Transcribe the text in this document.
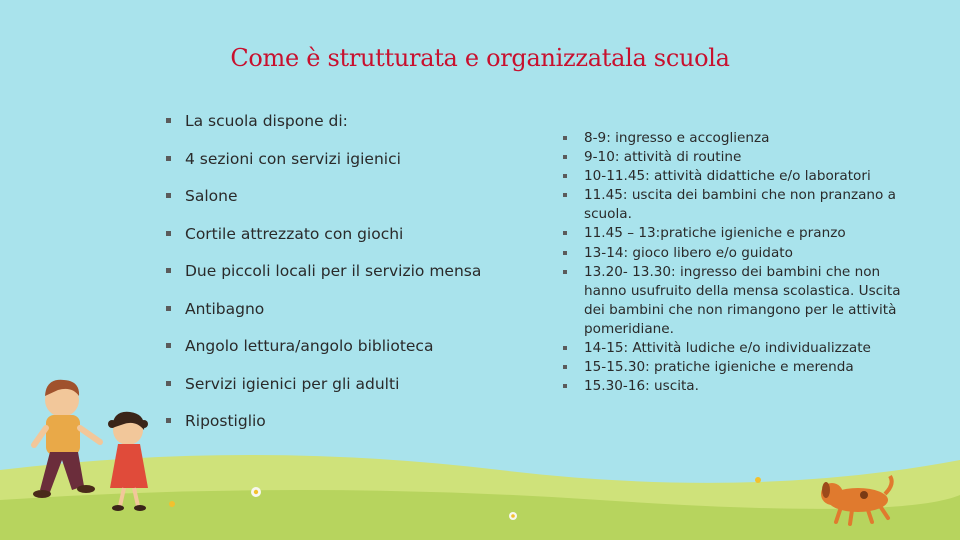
Come è strutturata e organizzatala scuola
La scuola dispone di:
4 sezioni con servizi igienici
Salone
Cortile attrezzato con giochi
Due piccoli locali per il servizio mensa
Antibagno
Angolo lettura/angolo biblioteca
Servizi igienici per gli adulti
Ripostiglio
8-9: ingresso e accoglienza
9-10: attività di routine
10-11.45: attività didattiche e/o laboratori
11.45: uscita dei bambini che non pranzano a scuola.
11.45 – 13:pratiche igieniche e pranzo
13-14: gioco libero e/o guidato
13.20- 13.30: ingresso dei bambini che non hanno usufruito della mensa scolastica. Uscita dei bambini che non rimangono per le attività pomeridiane.
14-15: Attività ludiche e/o individualizzate
15-15.30: pratiche igieniche e merenda
15.30-16: uscita.
